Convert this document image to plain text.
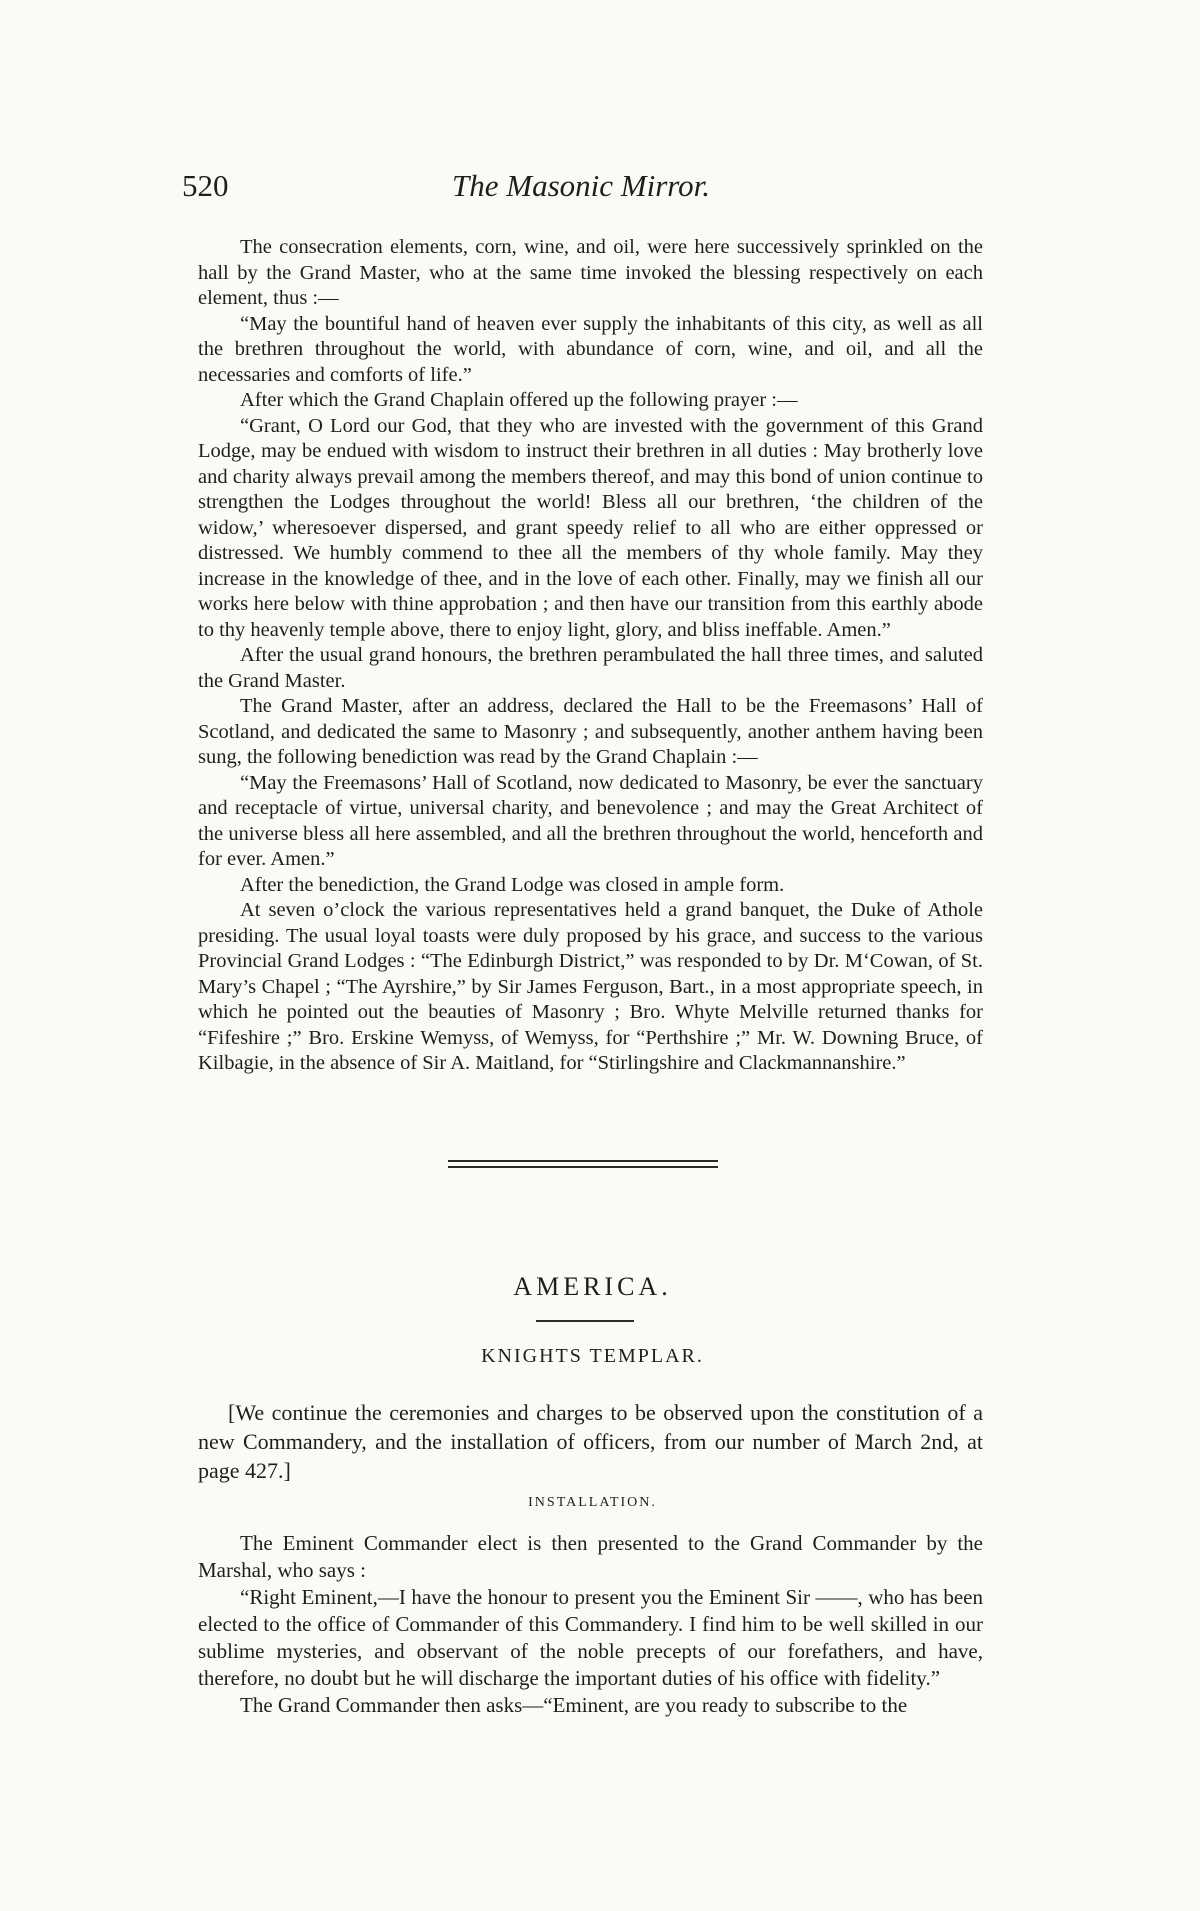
520	The Masonic Mirror.

The consecration elements, corn, wine, and oil, were here successively sprinkled on the hall by the Grand Master, who at the same time invoked the blessing respectively on each element, thus :—

“May the bountiful hand of heaven ever supply the inhabitants of this city, as well as all the brethren throughout the world, with abundance of corn, wine, and oil, and all the necessaries and comforts of life.”

After which the Grand Chaplain offered up the following prayer :—

“Grant, O Lord our God, that they who are invested with the government of this Grand Lodge, may be endued with wisdom to instruct their brethren in all duties : May brotherly love and charity always prevail among the members thereof, and may this bond of union continue to strengthen the Lodges throughout the world! Bless all our brethren, ‘the children of the widow,’ wheresoever dispersed, and grant speedy relief to all who are either oppressed or distressed. We humbly commend to thee all the members of thy whole family. May they increase in the knowledge of thee, and in the love of each other. Finally, may we finish all our works here below with thine approbation ; and then have our transition from this earthly abode to thy heavenly temple above, there to enjoy light, glory, and bliss ineffable. Amen.”

After the usual grand honours, the brethren perambulated the hall three times, and saluted the Grand Master.

The Grand Master, after an address, declared the Hall to be the Freemasons’ Hall of Scotland, and dedicated the same to Masonry ; and subsequently, another anthem having been sung, the following benediction was read by the Grand Chaplain :—

“May the Freemasons’ Hall of Scotland, now dedicated to Masonry, be ever the sanctuary and receptacle of virtue, universal charity, and benevolence ; and may the Great Architect of the universe bless all here assembled, and all the brethren throughout the world, henceforth and for ever. Amen.”

After the benediction, the Grand Lodge was closed in ample form.

At seven o’clock the various representatives held a grand banquet, the Duke of Athole presiding. The usual loyal toasts were duly proposed by his grace, and success to the various Provincial Grand Lodges : “The Edinburgh District,” was responded to by Dr. M‘Cowan, of St. Mary’s Chapel ; “The Ayrshire,” by Sir James Ferguson, Bart., in a most appropriate speech, in which he pointed out the beauties of Masonry ; Bro. Whyte Melville returned thanks for “Fifeshire ;” Bro. Erskine Wemyss, of Wemyss, for “Perthshire ;” Mr. W. Downing Bruce, of Kilbagie, in the absence of Sir A. Maitland, for “Stirlingshire and Clackmannanshire.”

AMERICA.
KNIGHTS TEMPLAR.

[We continue the ceremonies and charges to be observed upon the constitution of a new Commandery, and the installation of officers, from our number of March 2nd, at page 427.]

INSTALLATION.

The Eminent Commander elect is then presented to the Grand Commander by the Marshal, who says :

“Right Eminent,—I have the honour to present you the Eminent Sir ——, who has been elected to the office of Commander of this Commandery. I find him to be well skilled in our sublime mysteries, and observant of the noble precepts of our forefathers, and have, therefore, no doubt but he will discharge the important duties of his office with fidelity.”

The Grand Commander then asks—“Eminent, are you ready to subscribe to the
